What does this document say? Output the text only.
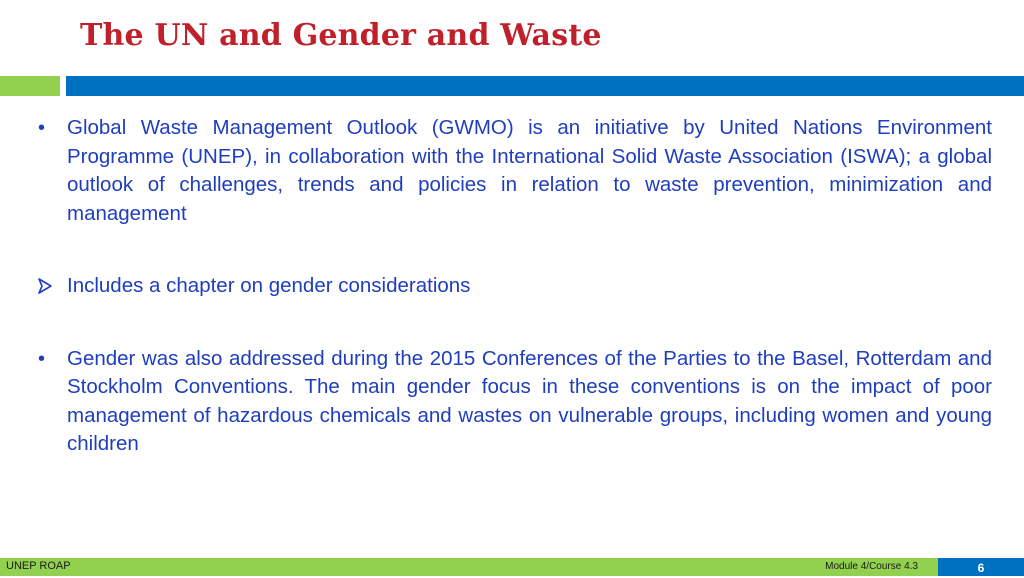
The UN and Gender and Waste
• Global Waste Management Outlook (GWMO) is an initiative by United Nations Environment Programme (UNEP), in collaboration with the International Solid Waste Association (ISWA); a global outlook of challenges, trends and policies in relation to waste prevention, minimization and management
Includes a chapter on gender considerations
• Gender was also addressed during the 2015 Conferences of the Parties to the Basel, Rotterdam and Stockholm Conventions. The main gender focus in these conventions is on the impact of poor management of hazardous chemicals and wastes on vulnerable groups, including women and young children
UNEP ROAP	Module 4/Course 4.3	6
